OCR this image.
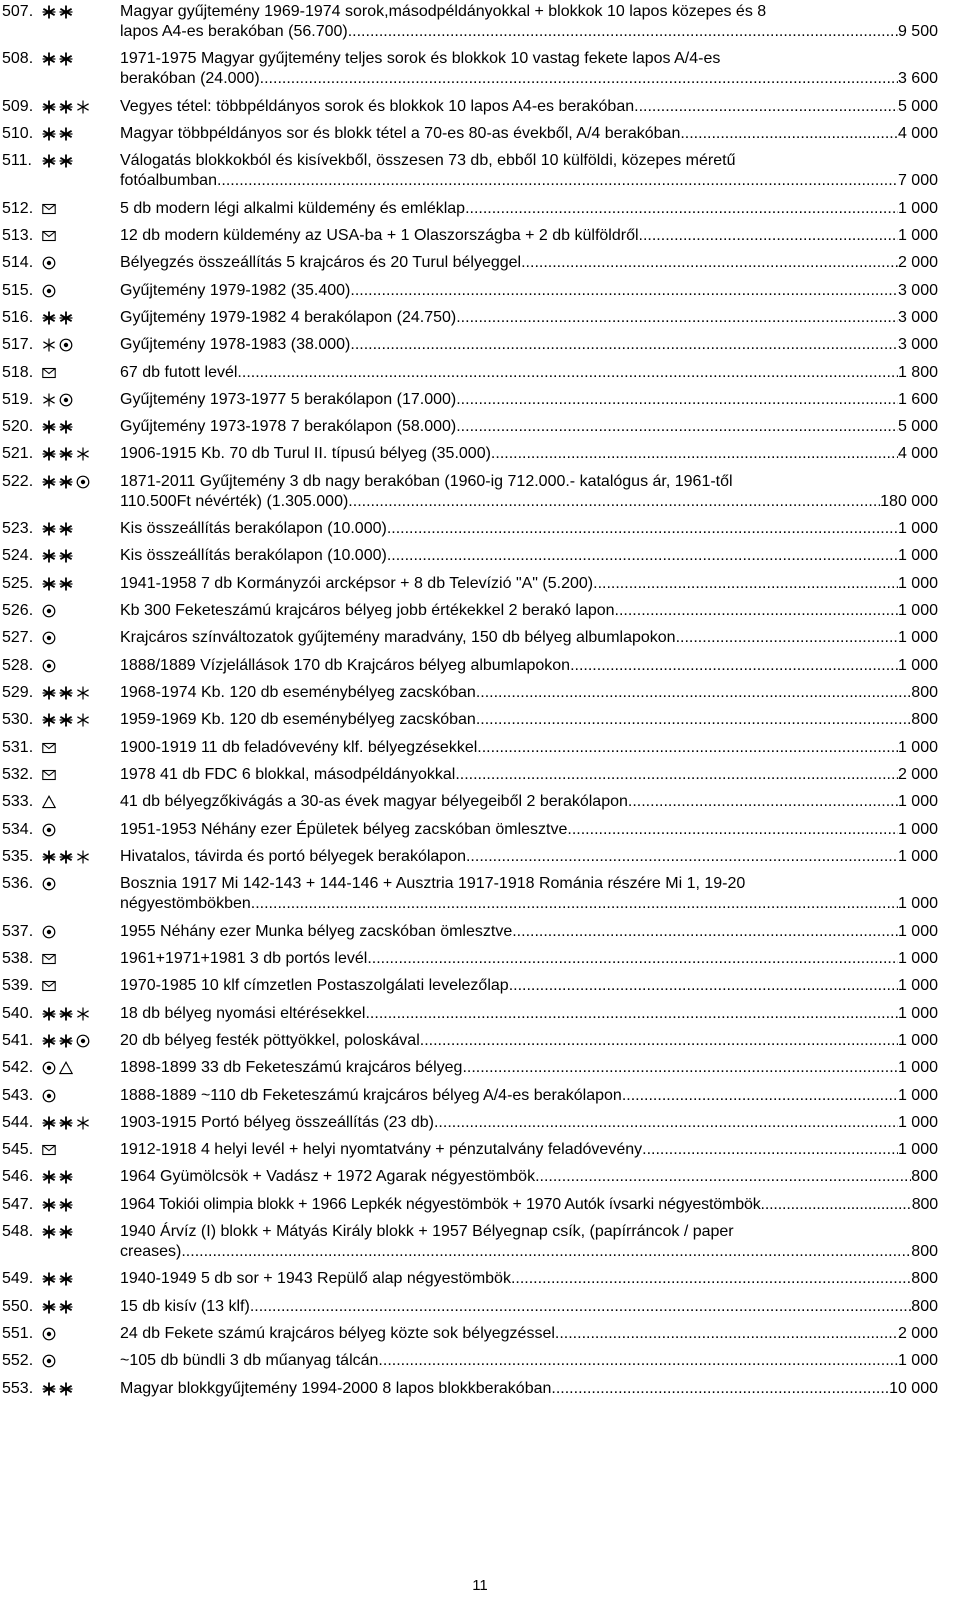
507.	Magyar gyűjtemény 1969-1974 sorok,másodpéldányokkal + blokkok 10 lapos közepes és 8
lapos A4-es berakóban (56.700) .....	9 500
508.	1971-1975 Magyar gyűjtemény teljes sorok és blokkok 10 vastag fekete lapos A/4-es
berakóban (24.000) .....	3 600
509.	Vegyes tétel: többpéldányos sorok és blokkok 10 lapos A4-es berakóban .....	5 000
510.	Magyar többpéldányos sor és blokk tétel a 70-es 80-as évekből, A/4 berakóban .....	4 000
511.	Válogatás blokkokból és kisívekből, összesen 73 db, ebből 10 külföldi, közepes méretű
fotóalbumban .....	7 000
512.	5 db modern légi alkalmi küldemény és emléklap .....	1 000
513.	12 db modern küldemény az USA-ba + 1 Olaszországba + 2 db külföldről .....	1 000
514.	Bélyegzés összeállítás 5 krajcáros és 20 Turul bélyeggel .....	2 000
515.	Gyűjtemény 1979-1982 (35.400) .....	3 000
516.	Gyűjtemény 1979-1982 4 berakólapon (24.750) .....	3 000
517.	Gyűjtemény 1978-1983 (38.000) .....	3 000
518.	67 db futott levél .....	1 800
519.	Gyűjtemény 1973-1977 5 berakólapon (17.000) .....	1 600
520.	Gyűjtemény 1973-1978 7 berakólapon (58.000) .....	5 000
521.	1906-1915 Kb. 70 db Turul II. típusú bélyeg (35.000) .....	4 000
522.	1871-2011 Gyűjtemény 3 db nagy berakóban (1960-ig 712.000.- katalógus ár, 1961-től
110.500Ft névérték) (1.305.000) .....	180 000
523.	Kis összeállítás berakólapon (10.000) .....	1 000
524.	Kis összeállítás berakólapon (10.000) .....	1 000
525.	1941-1958 7 db Kormányzói arcképsor + 8 db Televízió "A" (5.200) .....	1 000
526.	Kb 300 Feketeszámú krajcáros bélyeg jobb értékekkel 2 berakó lapon .....	1 000
527.	Krajcáros színváltozatok gyűjtemény maradvány, 150 db bélyeg albumlapokon .....	1 000
528.	1888/1889 Vízjelállások 170 db Krajcáros bélyeg albumlapokon .....	1 000
529.	1968-1974 Kb. 120 db eseménybélyeg zacskóban .....	800
530.	1959-1969 Kb. 120 db eseménybélyeg zacskóban .....	800
531.	1900-1919 11 db feladóvevény klf. bélyegzésekkel .....	1 000
532.	1978 41 db FDC 6 blokkal, másodpéldányokkal .....	2 000
533.	41 db bélyegzőkivágás a 30-as évek magyar bélyegeiből 2 berakólapon .....	1 000
534.	1951-1953 Néhány ezer Épületek bélyeg zacskóban ömlesztve .....	1 000
535.	Hivatalos, távirda és portó bélyegek berakólapon .....	1 000
536.	Bosznia 1917 Mi 142-143 + 144-146 + Ausztria 1917-1918 Románia részére Mi 1, 19-20
négyestömbökben .....	1 000
537.	1955 Néhány ezer Munka bélyeg zacskóban ömlesztve .....	1 000
538.	1961+1971+1981 3 db portós levél .....	1 000
539.	1970-1985 10 klf címzetlen Postaszolgálati levelezőlap .....	1 000
540.	18 db bélyeg nyomási eltérésekkel .....	1 000
541.	20 db bélyeg festék pöttyökkel, poloskával .....	1 000
542.	1898-1899 33 db Feketeszámú krajcáros bélyeg .....	1 000
543.	1888-1889 ~110 db Feketeszámú krajcáros bélyeg A/4-es berakólapon .....	1 000
544.	1903-1915 Portó bélyeg összeállítás (23 db) .....	1 000
545.	1912-1918 4 helyi levél + helyi nyomtatvány + pénzutalvány feladóvevény .....	1 000
546.	1964 Gyümölcsök + Vadász + 1972 Agarak négyestömbök .....	800
547.	1964 Tokiói olimpia blokk + 1966 Lepkék négyestömbök + 1970 Autók ívsarki négyestömbök .....	800
548.	1940 Árvíz (I) blokk + Mátyás Király blokk + 1957 Bélyegnap csík, (papírráncok / paper
creases) .....	800
549.	1940-1949 5 db sor + 1943 Repülő alap négyestömbök .....	800
550.	15 db kisív (13 klf) .....	800
551.	24 db Fekete számú krajcáros bélyeg közte sok bélyegzéssel .....	2 000
552.	~105 db bündli 3 db műanyag tálcán .....	1 000
553.	Magyar blokkgyűjtemény 1994-2000 8 lapos blokkberakóban .....	10 000
11
